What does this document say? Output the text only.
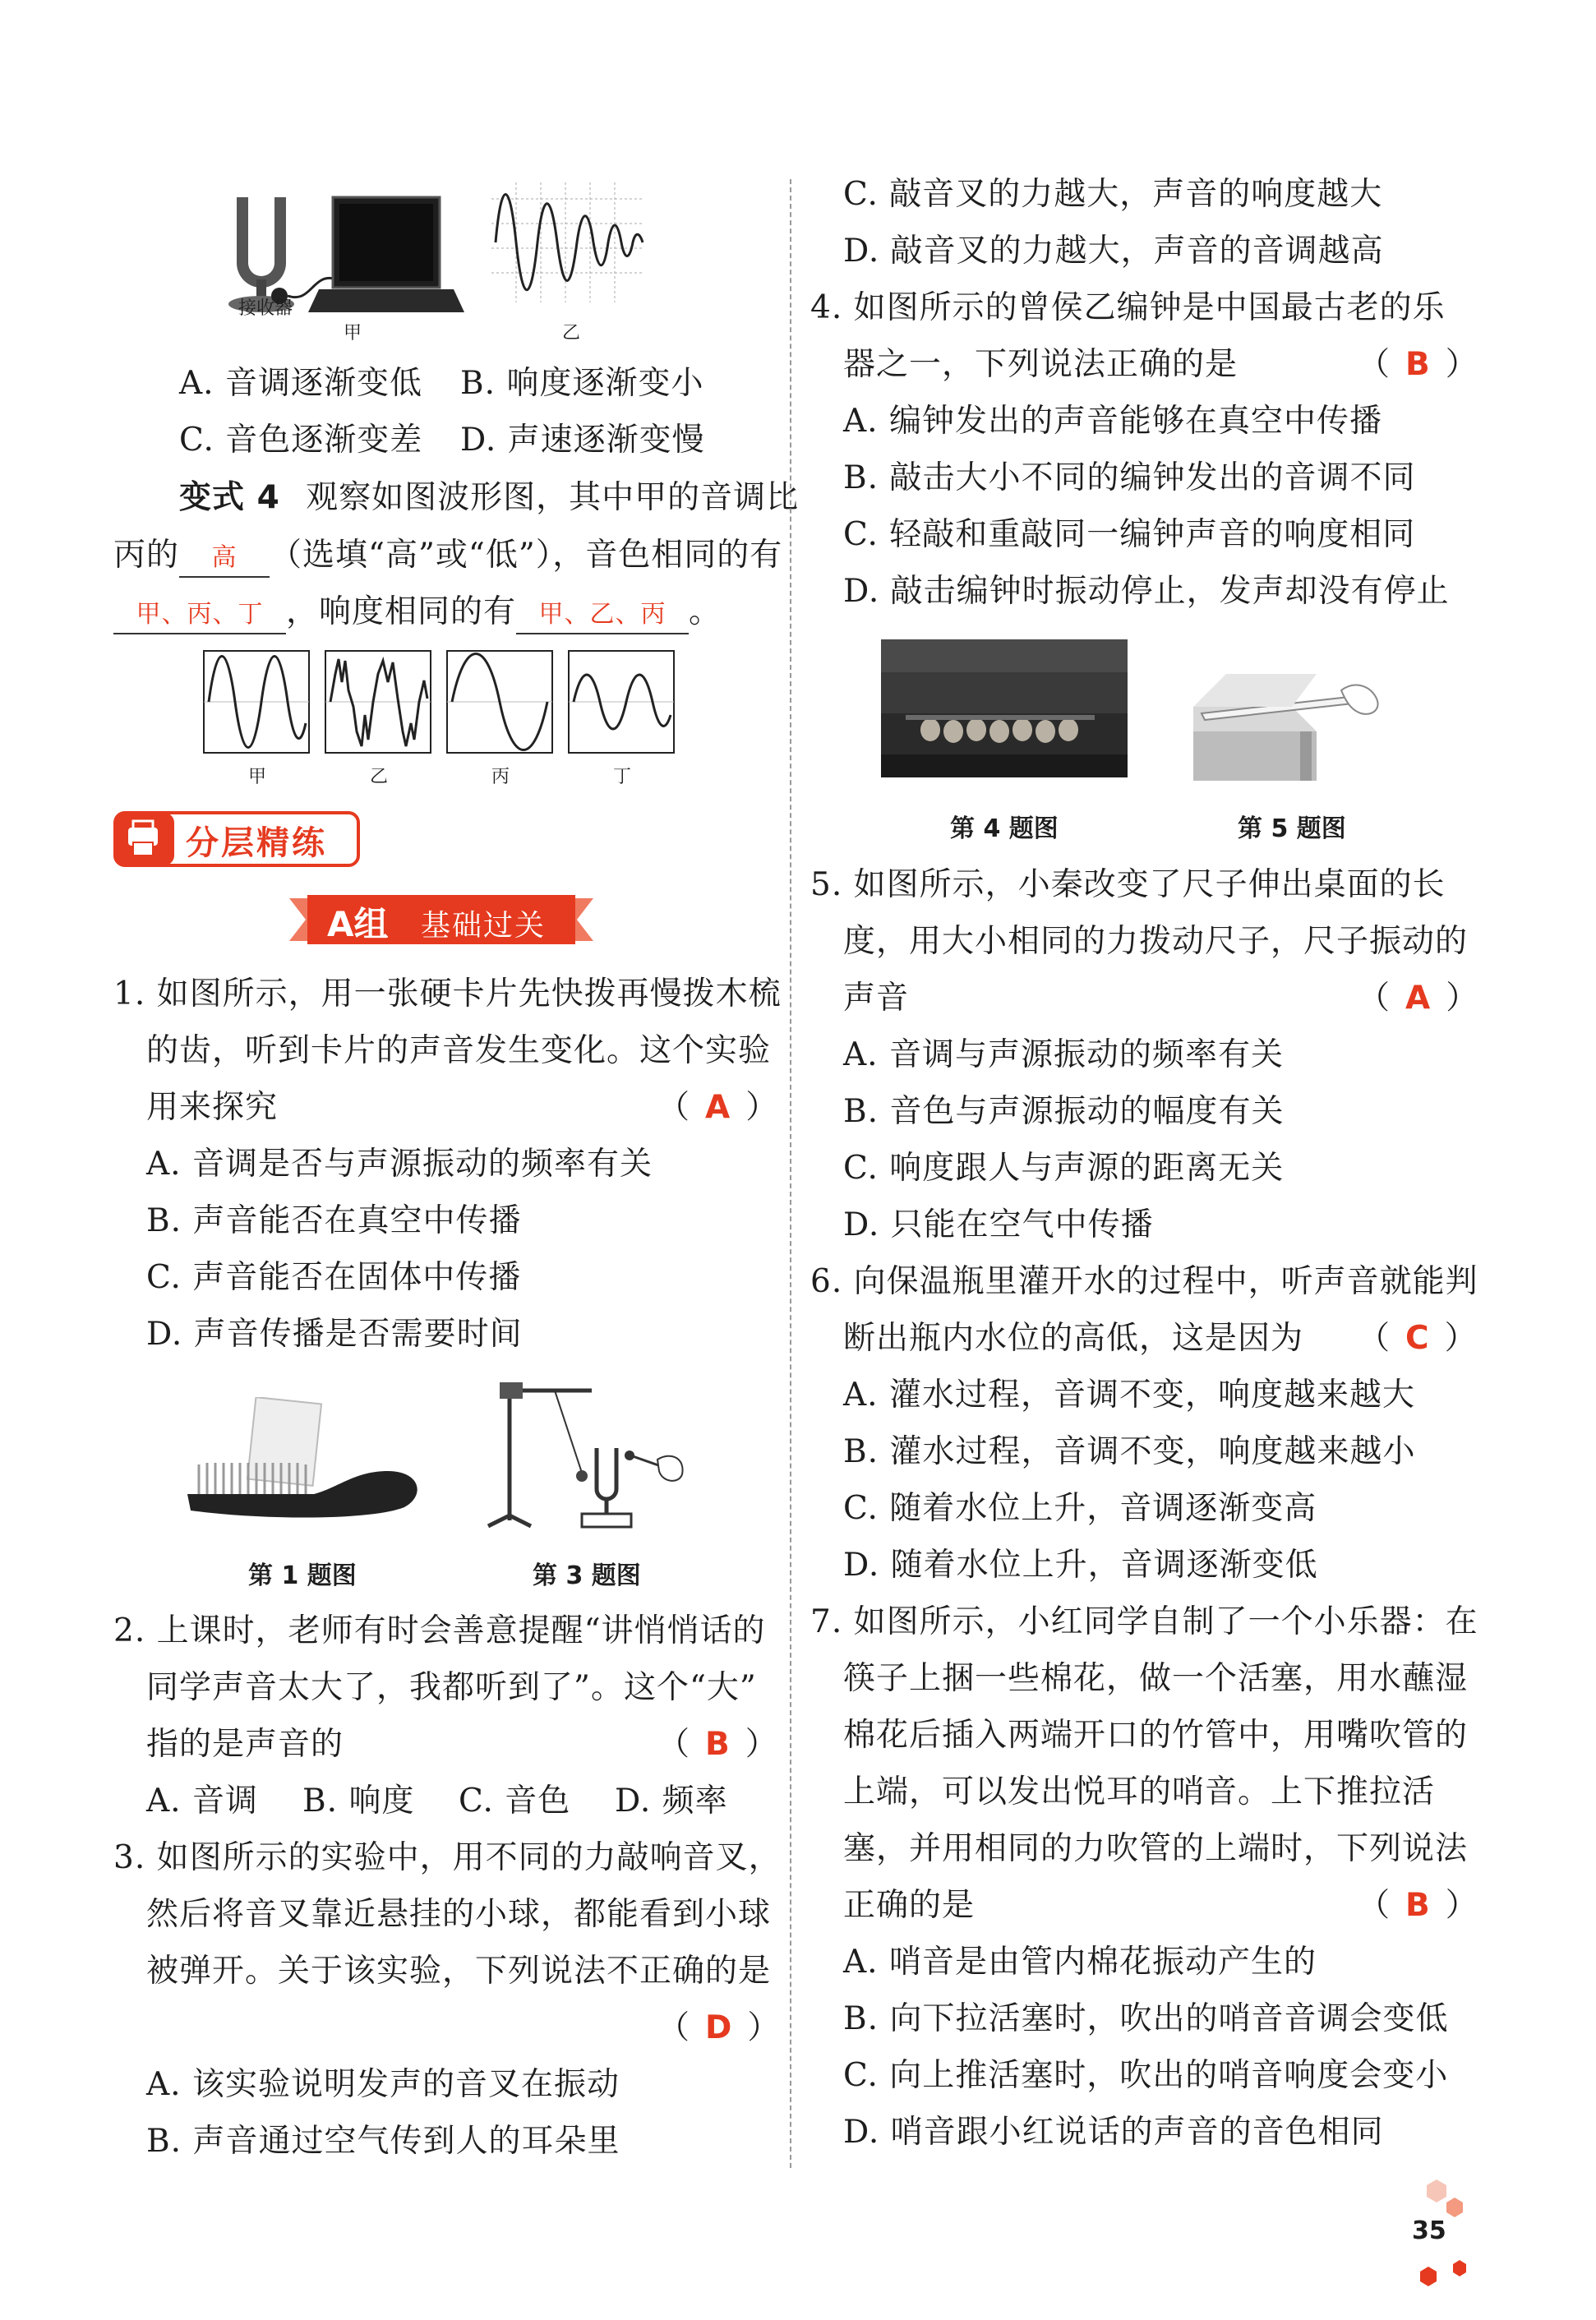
接收器
甲	乙
A. 音调逐渐变低 B. 响度逐渐变小
C. 音色逐渐变差 D. 声速逐渐变慢
变式 4 观察如图波形图，其中甲的音调比
丙的 高 （选填“高”或“低”），音色相同的有
甲、丙、丁 ，响度相同的有 甲、乙、丙 。
甲	乙	丙	丁
分层精练
A组 基础过关
1. 如图所示，用一张硬卡片先快拨再慢拨木梳
的齿，听到卡片的声音发生变化。这个实验
用来探究	（ A ）
A. 音调是否与声源振动的频率有关
B. 声音能否在真空中传播
C. 声音能否在固体中传播
D. 声音传播是否需要时间
第 1 题图	第 3 题图
2. 上课时，老师有时会善意提醒“讲悄悄话的
同学声音太大了，我都听到了”。这个“大”
指的是声音的	（ B ）
A. 音调 B. 响度 C. 音色 D. 频率
3. 如图所示的实验中，用不同的力敲响音叉，
然后将音叉靠近悬挂的小球，都能看到小球
被弹开。关于该实验，下列说法不正确的是
（ D ）
A. 该实验说明发声的音叉在振动
B. 声音通过空气传到人的耳朵里
C. 敲音叉的力越大，声音的响度越大
D. 敲音叉的力越大，声音的音调越高
4. 如图所示的曾侯乙编钟是中国最古老的乐
器之一，下列说法正确的是	（ B ）
A. 编钟发出的声音能够在真空中传播
B. 敲击大小不同的编钟发出的音调不同
C. 轻敲和重敲同一编钟声音的响度相同
D. 敲击编钟时振动停止，发声却没有停止
第 4 题图	第 5 题图
5. 如图所示，小秦改变了尺子伸出桌面的长
度，用大小相同的力拨动尺子，尺子振动的
声音	（ A ）
A. 音调与声源振动的频率有关
B. 音色与声源振动的幅度有关
C. 响度跟人与声源的距离无关
D. 只能在空气中传播
6. 向保温瓶里灌开水的过程中，听声音就能判
断出瓶内水位的高低，这是因为 （ C ）
A. 灌水过程，音调不变，响度越来越大
B. 灌水过程，音调不变，响度越来越小
C. 随着水位上升，音调逐渐变高
D. 随着水位上升，音调逐渐变低
7. 如图所示，小红同学自制了一个小乐器：在
筷子上捆一些棉花，做一个活塞，用水蘸湿
棉花后插入两端开口的竹管中，用嘴吹管的
上端，可以发出悦耳的哨音。上下推拉活
塞，并用相同的力吹管的上端时，下列说法
正确的是	（ B ）
A. 哨音是由管内棉花振动产生的
B. 向下拉活塞时，吹出的哨音音调会变低
C. 向上推活塞时，吹出的哨音响度会变小
D. 哨音跟小红说话的声音的音色相同
35
